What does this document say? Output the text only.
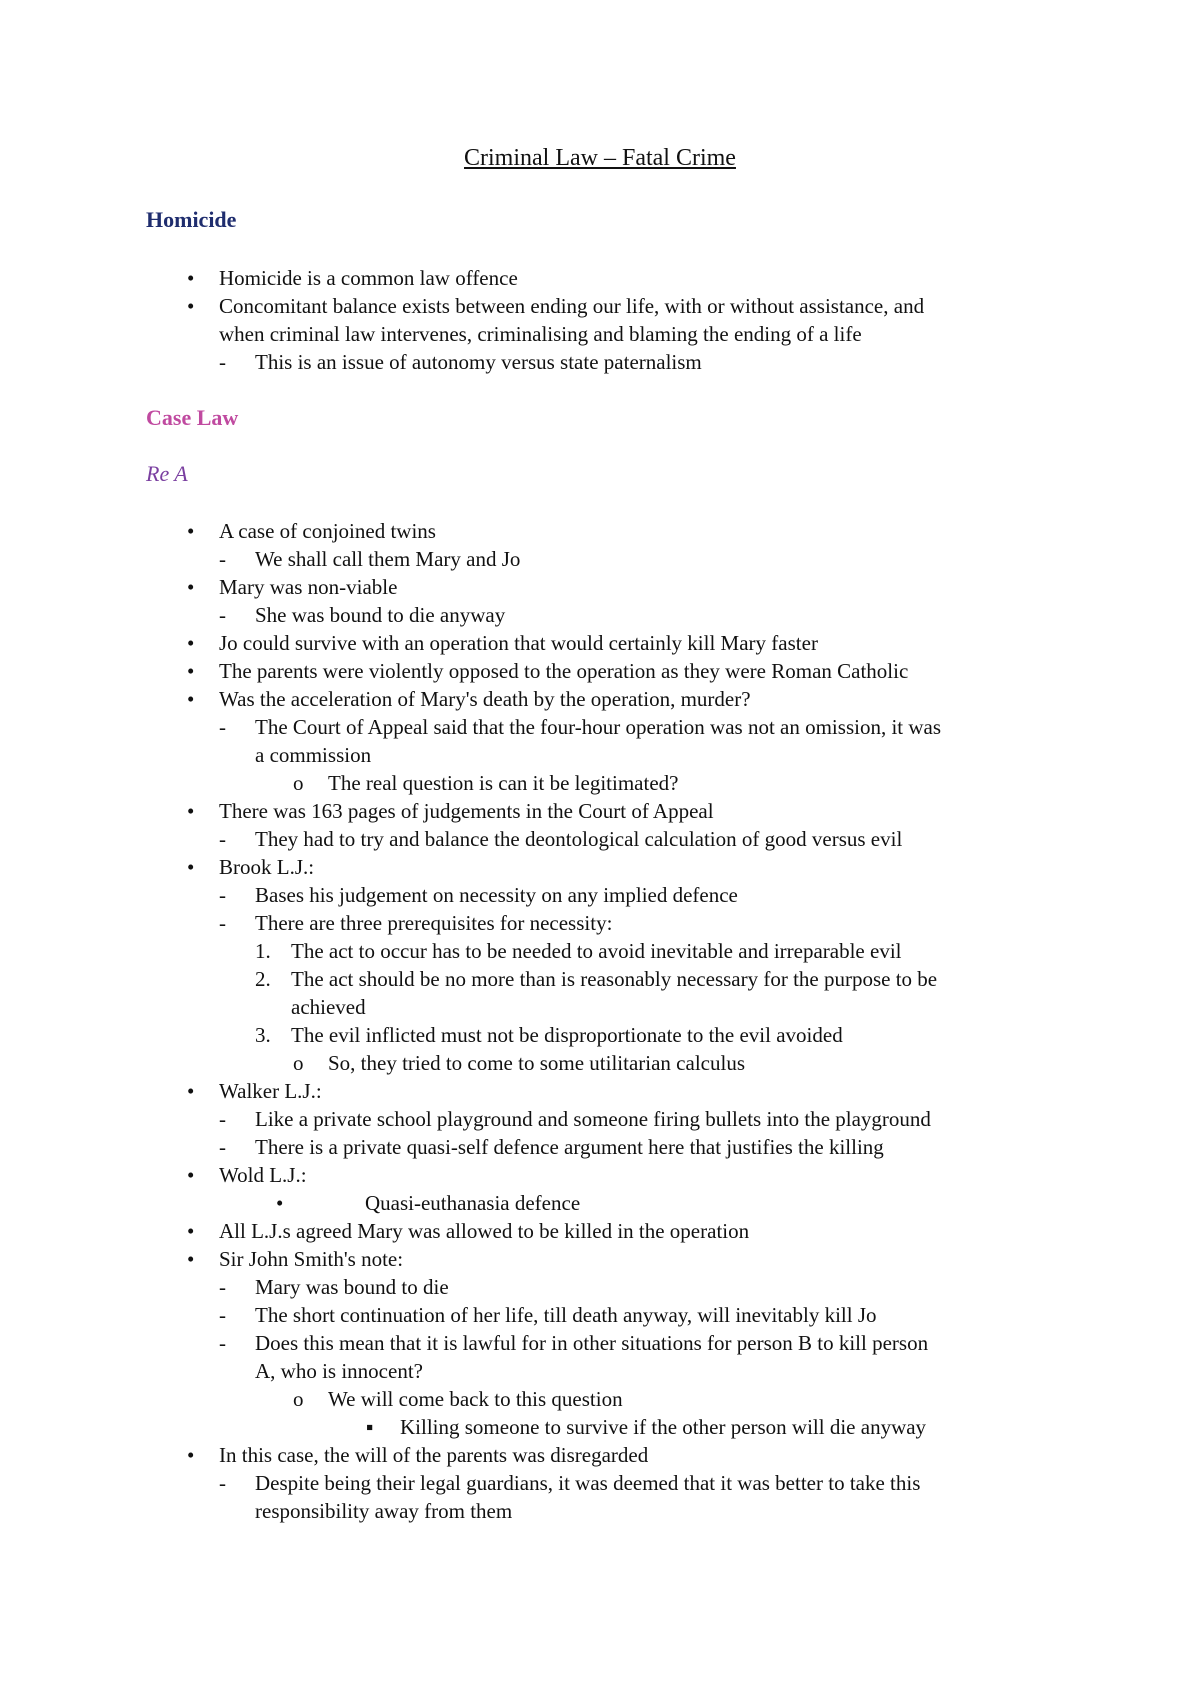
Criminal Law – Fatal Crime
Homicide
Case Law
Re A
• Homicide is a common law offence
• Concomitant balance exists between ending our life, with or without assistance, and
when criminal law intervenes, criminalising and blaming the ending of a life
- This is an issue of autonomy versus state paternalism
• A case of conjoined twins
- We shall call them Mary and Jo
• Mary was non-viable
- She was bound to die anyway
• Jo could survive with an operation that would certainly kill Mary faster
• The parents were violently opposed to the operation as they were Roman Catholic
• Was the acceleration of Mary's death by the operation, murder?
- The Court of Appeal said that the four-hour operation was not an omission, it was
a commission
o The real question is can it be legitimated?
• There was 163 pages of judgements in the Court of Appeal
- They had to try and balance the deontological calculation of good versus evil
• Brook L.J.:
- Bases his judgement on necessity on any implied defence
- There are three prerequisites for necessity:
1. The act to occur has to be needed to avoid inevitable and irreparable evil
2. The act should be no more than is reasonably necessary for the purpose to be
achieved
3. The evil inflicted must not be disproportionate to the evil avoided
o So, they tried to come to some utilitarian calculus
• Walker L.J.:
- Like a private school playground and someone firing bullets into the playground
- There is a private quasi-self defence argument here that justifies the killing
• Wold L.J.:
•	Quasi-euthanasia defence
• All L.J.s agreed Mary was allowed to be killed in the operation
• Sir John Smith's note:
- Mary was bound to die
- The short continuation of her life, till death anyway, will inevitably kill Jo
- Does this mean that it is lawful for in other situations for person B to kill person
A, who is innocent?
o We will come back to this question
▪ Killing someone to survive if the other person will die anyway
• In this case, the will of the parents was disregarded
- Despite being their legal guardians, it was deemed that it was better to take this
responsibility away from them
